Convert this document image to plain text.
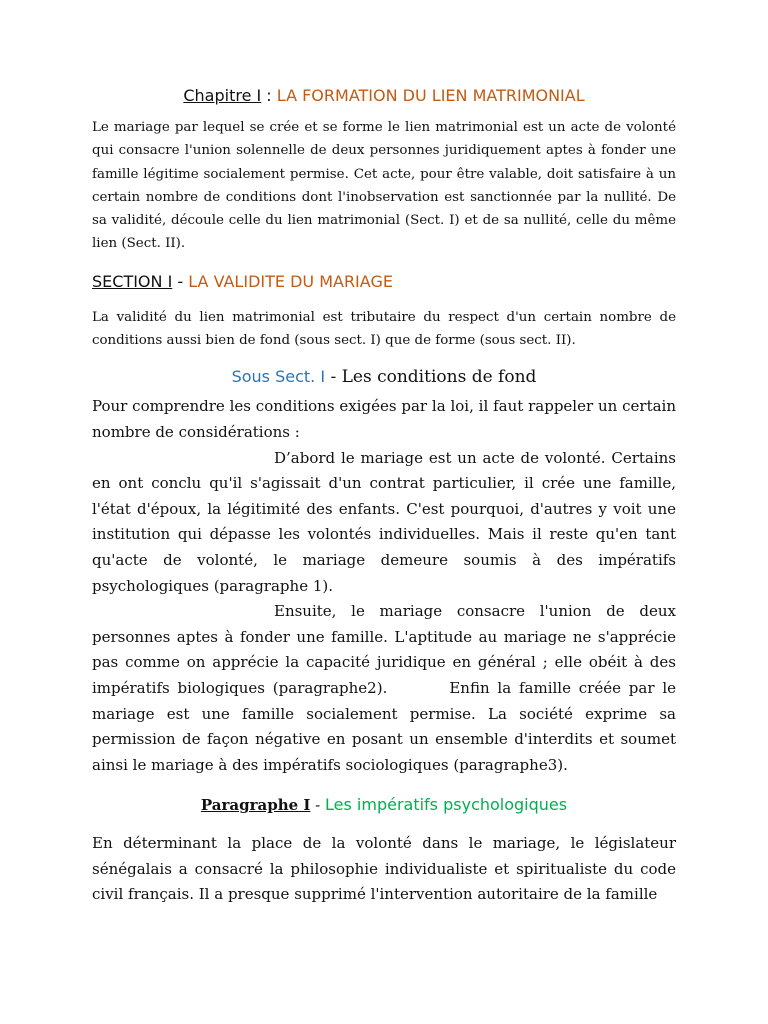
Chapitre I : LA FORMATION DU LIEN MATRIMONIAL

Le mariage par lequel se crée et se forme le lien matrimonial est un acte de volonté qui consacre l'union solennelle de deux personnes juridiquement aptes à fonder une famille légitime socialement permise. Cet acte, pour être valable, doit satisfaire à un certain nombre de conditions dont l'inobservation est sanctionnée par la nullité. De sa validité, découle celle du lien matrimonial (Sect. I) et de sa nullité, celle du même lien (Sect. II).

SECTION I - LA VALIDITE DU MARIAGE

La validité du lien matrimonial est tributaire du respect d'un certain nombre de conditions aussi bien de fond (sous sect. I) que de forme (sous sect. II).

Sous Sect. I - Les conditions de fond

Pour comprendre les conditions exigées par la loi, il faut rappeler un certain nombre de considérations :

D’abord le mariage est un acte de volonté. Certains en ont conclu qu'il s'agissait d'un contrat particulier, il crée une famille, l'état d'époux, la légitimité des enfants. C'est pourquoi, d'autres y voit une institution qui dépasse les volontés individuelles. Mais il reste qu'en tant qu'acte de volonté, le mariage demeure soumis à des impératifs psychologiques (paragraphe 1).

Ensuite, le mariage consacre l'union de deux personnes aptes à fonder une famille. L'aptitude au mariage ne s'apprécie pas comme on apprécie la capacité juridique en général ; elle obéit à des impératifs biologiques (paragraphe2).	Enfin la famille créée par le mariage est une famille socialement permise. La société exprime sa permission de façon négative en posant un ensemble d'interdits et soumet ainsi le mariage à des impératifs sociologiques (paragraphe3).

Paragraphe I - Les impératifs psychologiques

En déterminant la place de la volonté dans le mariage, le législateur sénégalais a consacré la philosophie individualiste et spiritualiste du code civil français. Il a presque supprimé l'intervention autoritaire de la famille
